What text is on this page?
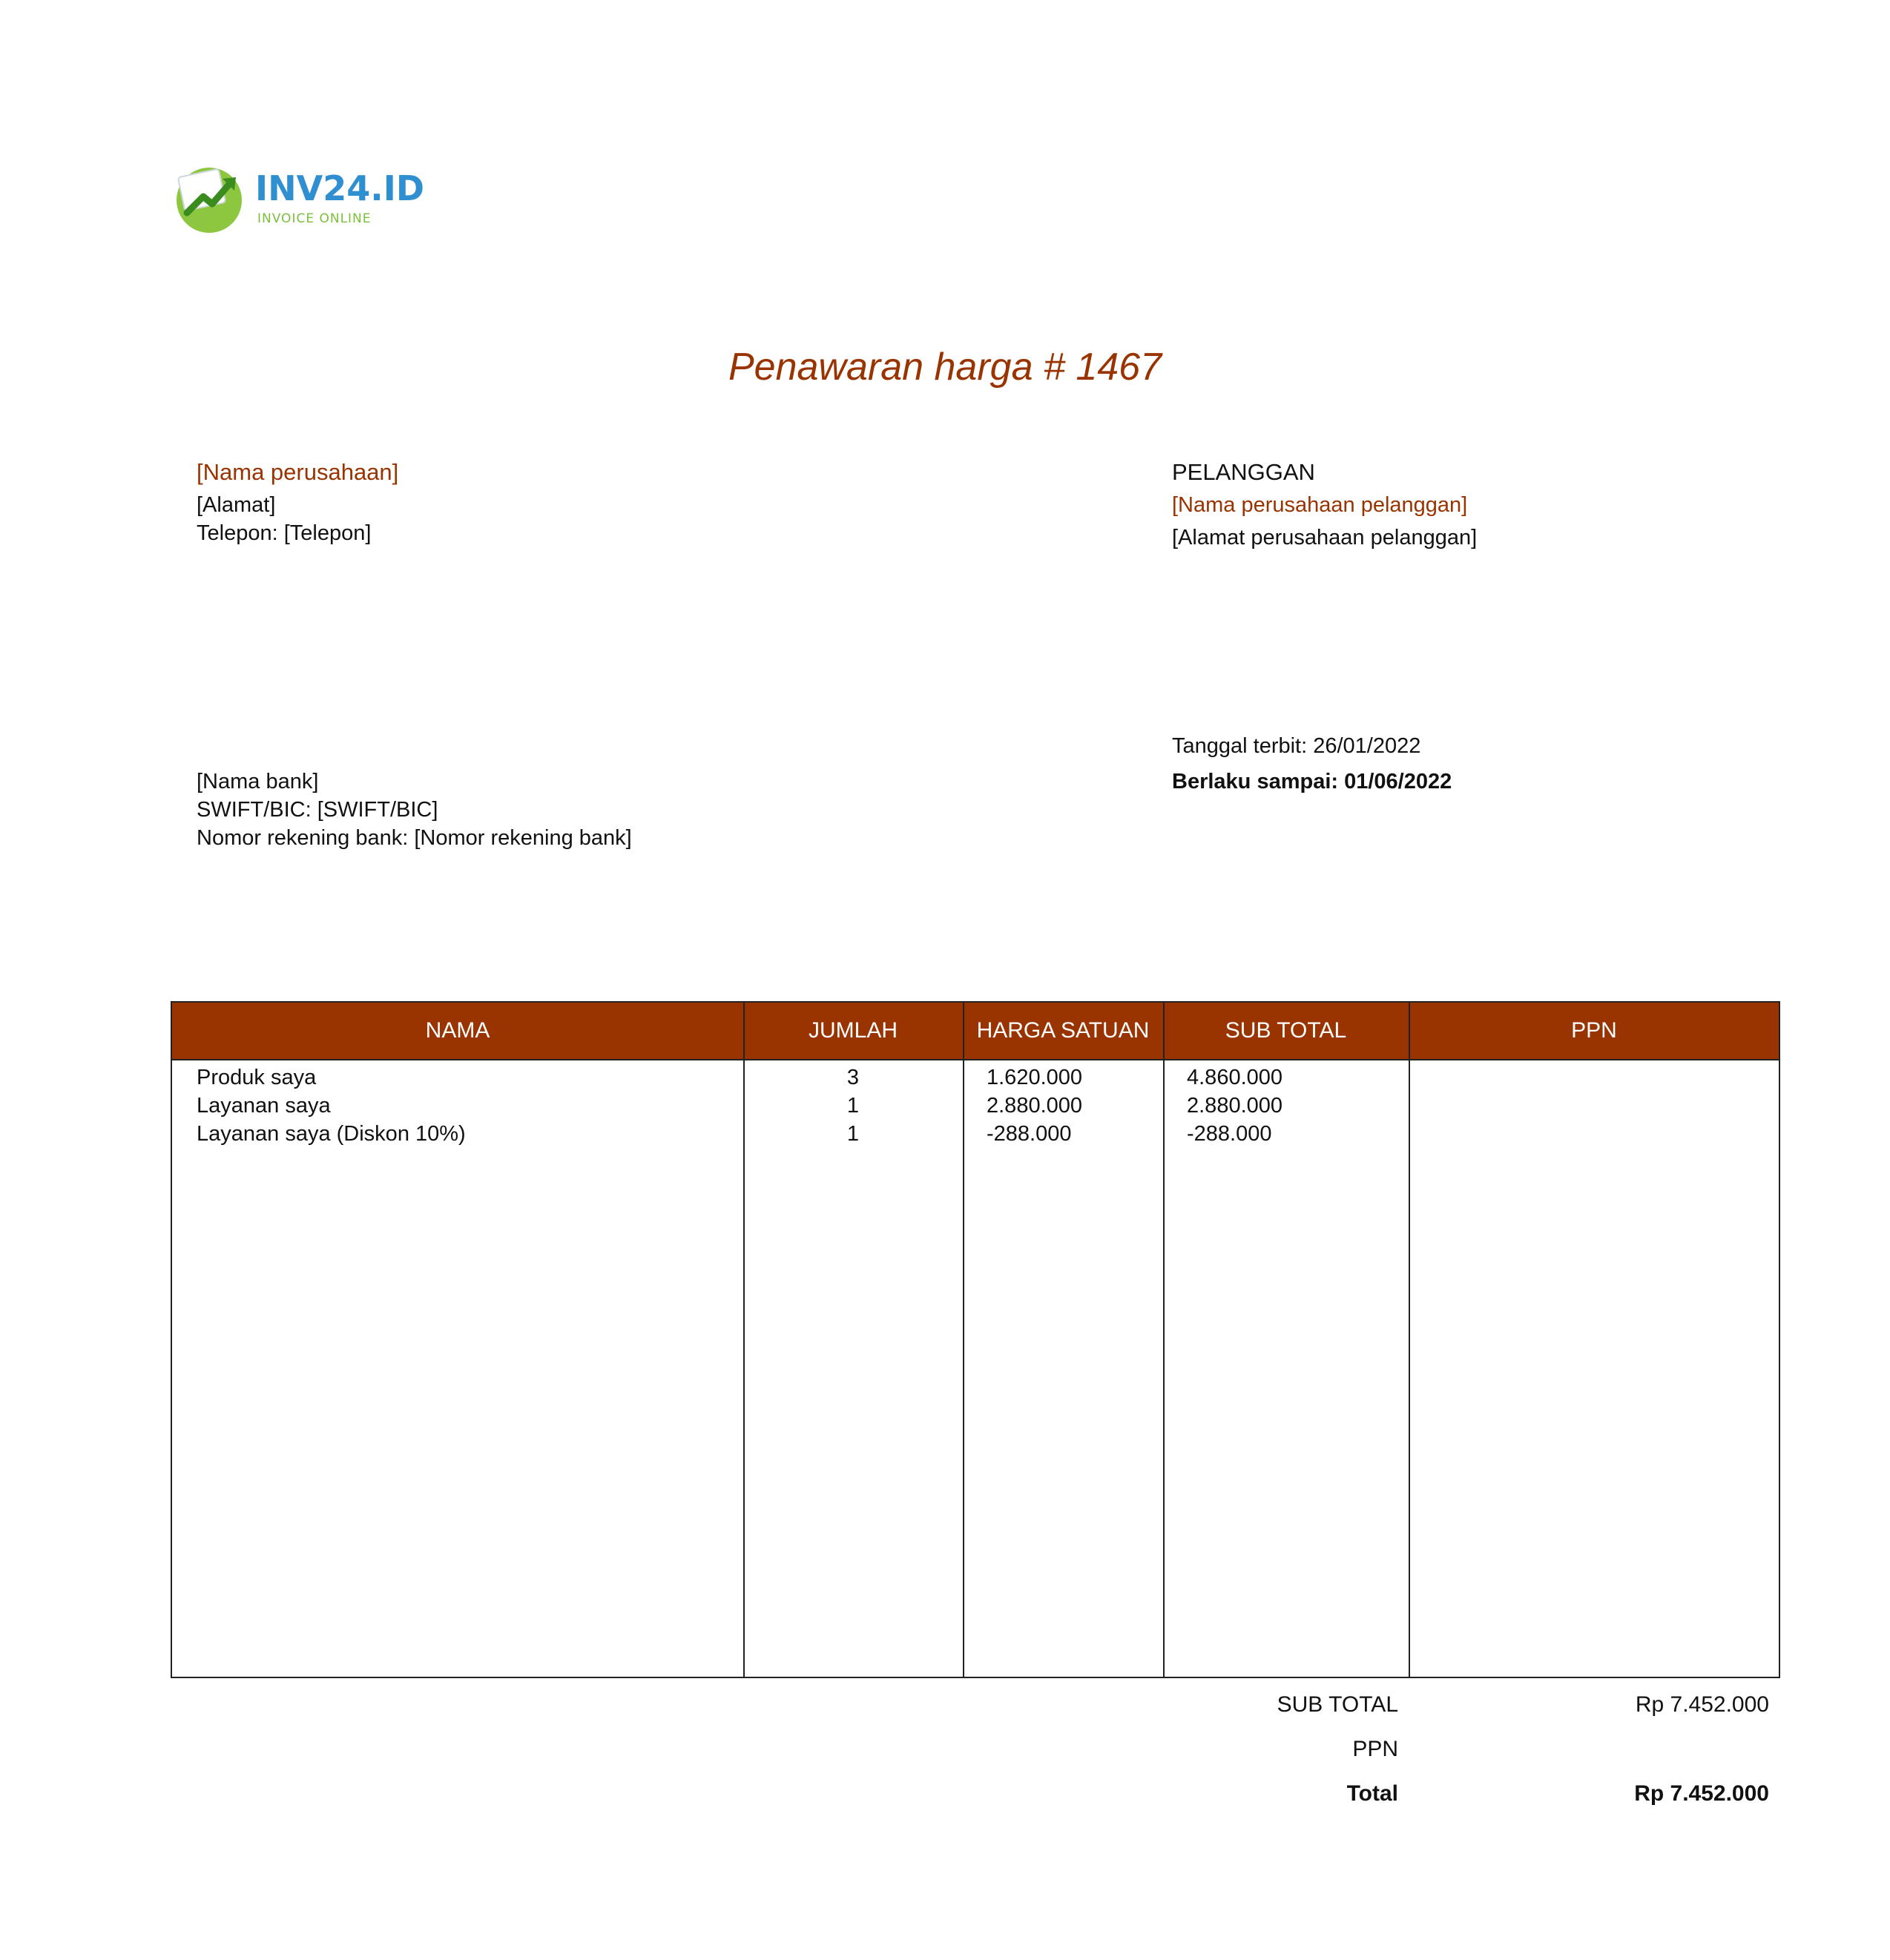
INV24.ID
INVOICE ONLINE
Penawaran harga # 1467
[Nama perusahaan]
[Alamat]
Telepon: [Telepon]
PELANGGAN
[Nama perusahaan pelanggan]
[Alamat perusahaan pelanggan]
Tanggal terbit: 26/01/2022
Berlaku sampai: 01/06/2022
[Nama bank]
SWIFT/BIC: [SWIFT/BIC]
Nomor rekening bank: [Nomor rekening bank]
NAMA	JUMLAH	HARGA SATUAN	SUB TOTAL	PPN
Produk saya	3	1.620.000	4.860.000
Layanan saya	1	2.880.000	2.880.000
Layanan saya (Diskon 10%)	1	-288.000	-288.000
SUB TOTAL	Rp 7.452.000
PPN
Total	Rp 7.452.000
